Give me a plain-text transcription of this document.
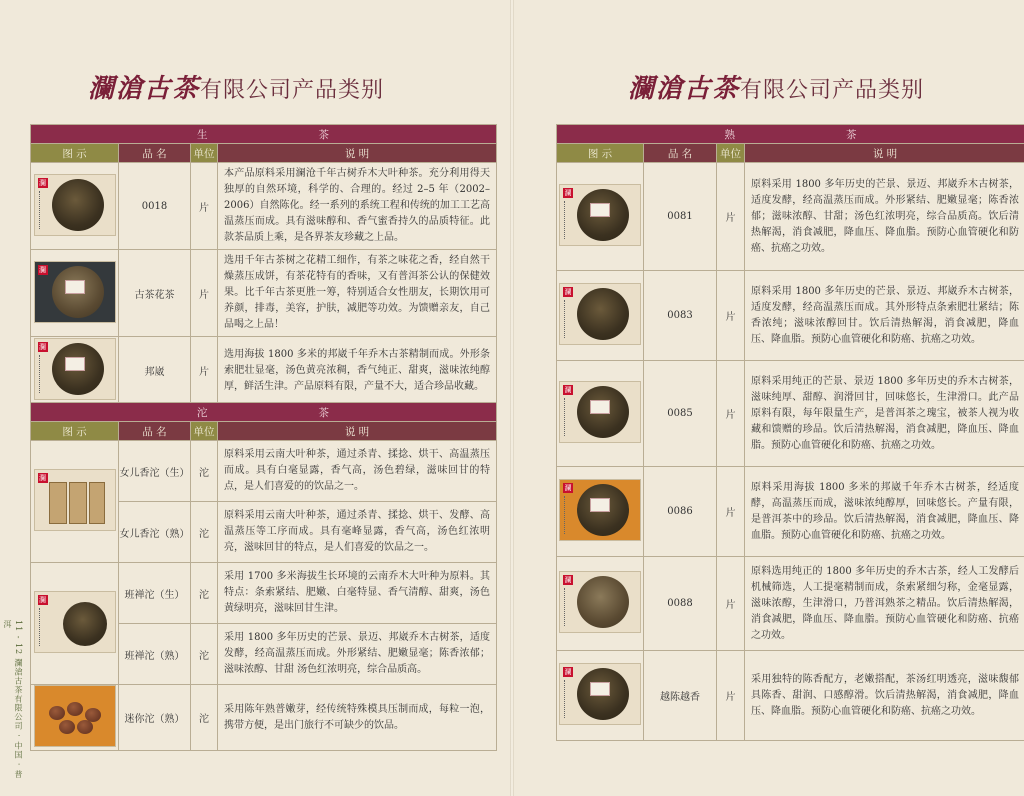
瀾滄古茶有限公司产品类别
生 茶			
图 示	品 名	单位	说 明

瀾	0018	片	本产品原料采用澜沧千年古树乔木大叶种茶。充分利用得天独厚的自然环境，科学的、合理的。经过 2–5 年（2002–2006）自然陈化。经一系列的系统工程和传统的加工工艺高温蒸压而成。具有滋味醇和、香气蜜香持久的品质特征。此款茶品质上乘，是各界茶友珍藏之上品。

瀾	古茶花茶	片	选用千年古茶树之花精工细作，有茶之味花之香，经自然干燥蒸压成饼，有茶花特有的香味，又有普洱茶公认的保健效果。比千年古茶更胜一筹，特别适合女性朋友，长期饮用可养颜，排毒，美容，护肤，减肥等功效。为馈赠亲友，自己品喝之上品！

瀾	邦崴	片	选用海拔 1800 多米的邦崴千年乔木古茶精制而成。外形条索肥壮显毫，汤色黄亮浓稠，香气纯正、甜爽，滋味浓纯醇厚，鲜活生津。产品原料有限，产量不大，适合珍品收藏。
沱 茶			
图 示	品 名	单位	说 明

瀾	女儿香沱（生）	沱	原料采用云南大叶种茶，通过杀青、揉捻、烘干、高温蒸压而成。具有白毫显露，香气高，汤色碧绿，滋味回甘的特点，是人们喜爱的的饮品之一。
	女儿香沱（熟）	沱	原料采用云南大叶种茶，通过杀青、揉捻、烘干、发酵、高温蒸压等工序而成。具有毫峰显露，香气高，汤色红浓明亮，滋味回甘的特点，是人们喜爱的饮品之一。

瀾	班禅沱（生）	沱	采用 1700 多米海拔生长环境的云南乔木大叶种为原料。其特点：条索紧结、肥嫩、白毫特显、香气清醇、甜爽，汤色黄绿明亮，滋味回甘生津。
	班禅沱（熟）	沱	采用 1800 多年历史的芒景、景迈、邦崴乔木古树茶，适度发酵，经高温蒸压而成。外形紧结、肥嫩显毫；陈香浓郁；滋味浓醇、甘甜 汤色红浓明亮，综合品质高。

	迷你沱（熟）	沱	采用陈年熟普嫩芽，经传统特殊模具压制而成，每粒一泡，携带方便，是出门旅行不可缺少的饮品。
11 - 12 瀾滄古茶有限公司 · 中国 · 普洱
瀾滄古茶有限公司产品类别
熟 茶			
图 示	品 名	单位	说 明

瀾	0081	片	原料采用 1800 多年历史的芒景、景迈、邦崴乔木古树茶，适度发酵，经高温蒸压而成。外形紧结、肥嫩显毫；陈香浓郁；滋味浓醇、甘甜；汤色红浓明亮，综合品质高。饮后清热解渴，消食减肥，降血压、降血脂。预防心血管硬化和防癌、抗癌之功效。

瀾	0083	片	原料采用 1800 多年历史的芒景、景迈、邦崴乔木古树茶，适度发酵，经高温蒸压而成。其外形特点条索肥壮紧结；陈香浓纯；滋味浓醇回甘。饮后清热解渴，消食减肥，降血压、降血脂。预防心血管硬化和防癌、抗癌之功效。

瀾	0085	片	原料采用纯正的芒景、景迈 1800 多年历史的乔木古树茶，滋味纯厚、甜醇、润滑回甘，回味悠长，生津滑口。此产品原料有限，每年限量生产，是普洱茶之瑰宝，被茶人视为收藏和馈赠的珍品。饮后清热解渴，消食减肥，降血压、降血脂。预防心血管硬化和防癌、抗癌之功效。

瀾	0086	片	原料采用海拔 1800 多米的邦崴千年乔木古树茶，经适度酵，高温蒸压而成，滋味浓纯醇厚，回味悠长。产量有限，是普洱茶中的珍品。饮后清热解渴，消食减肥，降血压、降血脂。预防心血管硬化和防癌、抗癌之功效。

瀾	0088	片	原料选用纯正的 1800 多年历史的乔木古茶，经人工发酵后机械筛选，人工提毫精制而成，条索紧细匀称，金毫显露，滋味浓醇，生津滑口，乃普洱熟茶之精品。饮后清热解渴，消食减肥，降血压、降血脂。预防心血管硬化和防癌、抗癌之功效。

瀾	越陈越香	片	采用独特的陈香配方，老嫩搭配，茶汤红明透亮，滋味馥郁具陈香、甜润、口感醇滑。饮后清热解渴，消食减肥，降血压、降血脂。预防心血管硬化和防癌、抗癌之功效。
